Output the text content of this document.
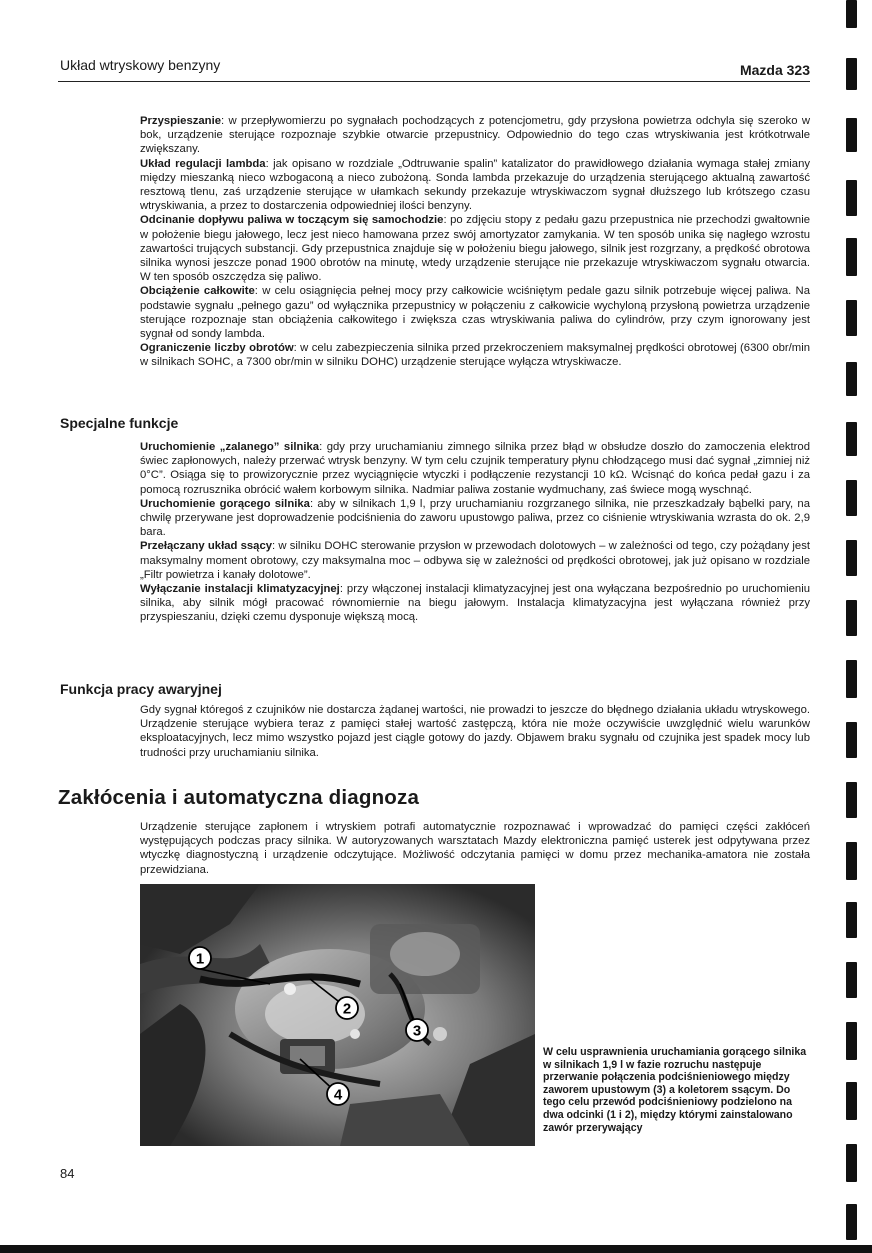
Układ wtryskowy benzyny	Mazda 323

Przyspieszanie: w przepływomierzu po sygnałach pochodzących z potencjometru, gdy przysłona powietrza odchyla się szeroko w bok, urządzenie sterujące rozpoznaje szybkie otwarcie przepustnicy. Odpowiednio do tego czas wtryskiwania jest krótkotrwale zwiększany.

Układ regulacji lambda: jak opisano w rozdziale „Odtruwanie spalin” katalizator do prawidłowego działania wymaga stałej zmiany między mieszanką nieco wzbogaconą a nieco zubożoną. Sonda lambda przekazuje do urządzenia sterującego aktualną zawartość resztową tlenu, zaś urządzenie sterujące w ułamkach sekundy przekazuje wtryskiwaczom sygnał dłuższego lub krótszego czasu wtryskiwania, a przez to dostarczenia odpowiedniej ilości benzyny.

Odcinanie dopływu paliwa w toczącym się samochodzie: po zdjęciu stopy z pedału gazu przepustnica nie przechodzi gwałtownie w położenie biegu jałowego, lecz jest nieco hamowana przez swój amortyzator zamykania. W ten sposób unika się nagłego wzrostu zawartości trujących substancji. Gdy przepustnica znajduje się w położeniu biegu jałowego, silnik jest rozgrzany, a prędkość obrotowa silnika wynosi jeszcze ponad 1900 obrotów na minutę, wtedy urządzenie sterujące nie przekazuje wtryskiwaczom sygnału otwarcia. W ten sposób oszczędza się paliwo.

Obciążenie całkowite: w celu osiągnięcia pełnej mocy przy całkowicie wciśniętym pedale gazu silnik potrzebuje więcej paliwa. Na podstawie sygnału „pełnego gazu” od wyłącznika przepustnicy w połączeniu z całkowicie wychyloną przysłoną powietrza urządzenie sterujące rozpoznaje stan obciążenia całkowitego i zwiększa czas wtryskiwania paliwa do cylindrów, przy czym ignorowany jest sygnał od sondy lambda.

Ograniczenie liczby obrotów: w celu zabezpieczenia silnika przed przekroczeniem maksymalnej prędkości obrotowej (6300 obr/min w silnikach SOHC, a 7300 obr/min w silniku DOHC) urządzenie sterujące wyłącza wtryskiwacze.

Specjalne funkcje

Uruchomienie „zalanego” silnika: gdy przy uruchamianiu zimnego silnika przez błąd w obsłudze doszło do zamoczenia elektrod świec zapłonowych, należy przerwać wtrysk benzyny. W tym celu czujnik temperatury płynu chłodzącego musi dać sygnał „zimniej niż 0°C”. Osiąga się to prowizorycznie przez wyciągnięcie wtyczki i podłączenie rezystancji 10 kΩ. Wcisnąć do końca pedał gazu i za pomocą rozrusznika obrócić wałem korbowym silnika. Nadmiar paliwa zostanie wydmuchany, zaś świece mogą wyschnąć.

Uruchomienie gorącego silnika: aby w silnikach 1,9 l, przy uruchamianiu rozgrzanego silnika, nie przeszkadzały bąbelki pary, na chwilę przerywane jest doprowadzenie podciśnienia do zaworu upustowgo paliwa, przez co ciśnienie wtryskiwania wzrasta do ok. 2,9 bara.

Przełączany układ ssący: w silniku DOHC sterowanie przysłon w przewodach dolotowych – w zależności od tego, czy pożądany jest maksymalny moment obrotowy, czy maksymalna moc – odbywa się w zależności od prędkości obrotowej, jak już opisano w rozdziale „Filtr powietrza i kanały dolotowe”.

Wyłączanie instalacji klimatyzacyjnej: przy włączonej instalacji klimatyzacyjnej jest ona wyłączana bezpośrednio po uruchomieniu silnika, aby silnik mógł pracować równomiernie na biegu jałowym. Instalacja klimatyzacyjna jest wyłączana również przy przyspieszaniu, dzięki czemu dysponuje większą mocą.

Funkcja pracy awaryjnej

Gdy sygnał któregoś z czujników nie dostarcza żądanej wartości, nie prowadzi to jeszcze do błędnego działania układu wtryskowego. Urządzenie sterujące wybiera teraz z pamięci stałej wartość zastępczą, która nie może oczywiście uwzględnić wielu warunków eksploatacyjnych, lecz mimo wszystko pojazd jest ciągle gotowy do jazdy. Objawem braku sygnału od czujnika jest spadek mocy lub trudności przy uruchamianiu silnika.

Zakłócenia i automatyczna diagnoza

Urządzenie sterujące zapłonem i wtryskiem potrafi automatycznie rozpoznawać i wprowadzać do pamięci części zakłóceń występujących podczas pracy silnika. W autoryzowanych warsztatach Mazdy elektroniczna pamięć usterek jest odpytywana przez wtyczkę diagnostyczną i urządzenie odczytujące. Możliwość odczytania pamięci w domu przez mechanika-amatora nie została przewidziana.

1
2
3
4

W celu usprawnienia uruchamiania gorącego silnika w silnikach 1,9 l w fazie rozruchu następuje przerwanie połączenia podciśnieniowego między zaworem upustowym (3) a koletorem ssącym. Do tego celu przewód podciśnieniowy podzielono na dwa odcinki (1 i 2), między którymi zainstalowano zawór przerywający

84
